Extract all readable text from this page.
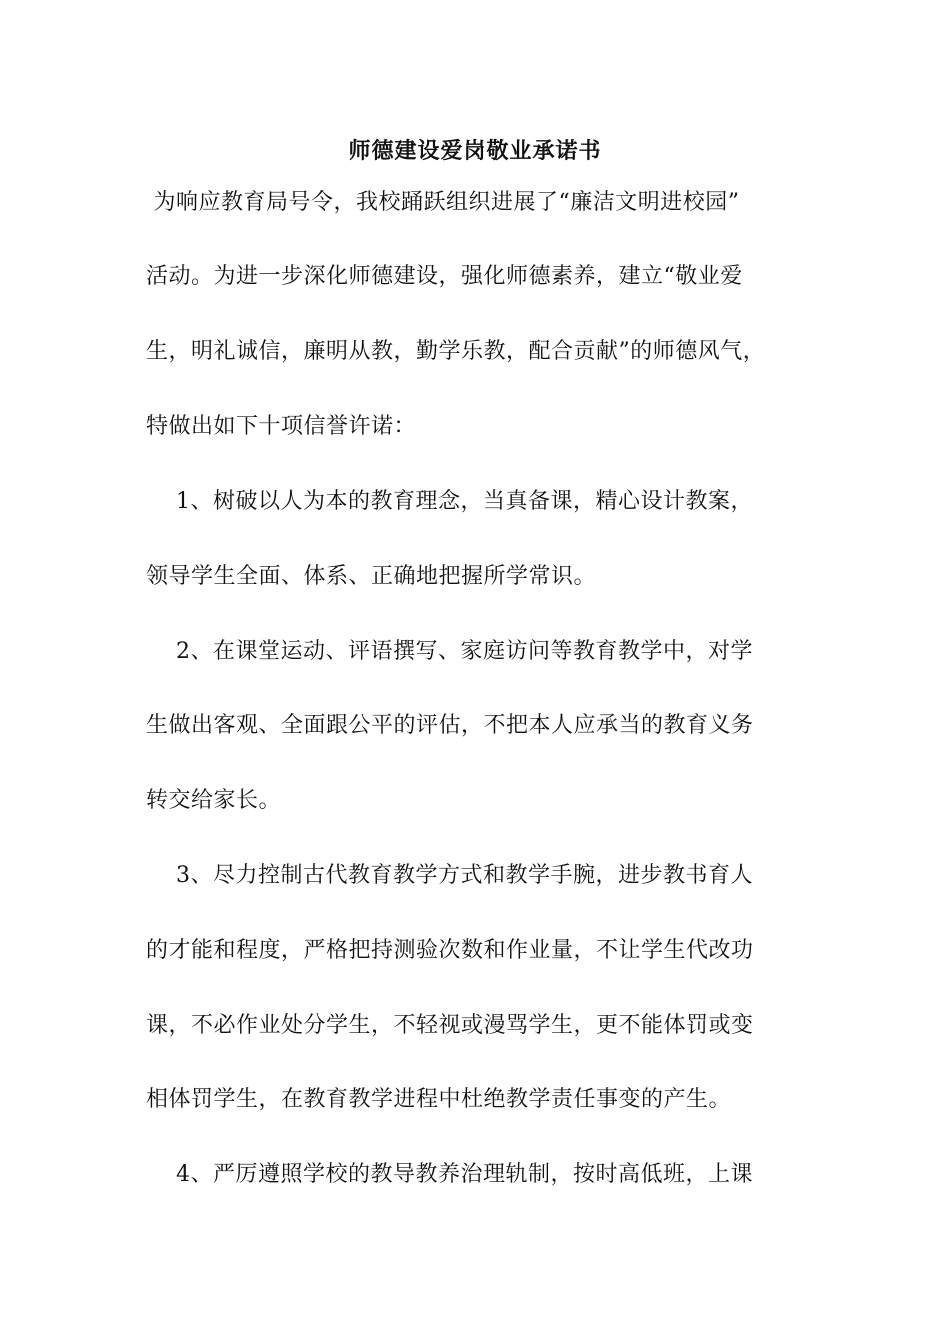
师德建设爱岗敬业承诺书
为响应教育局号令，我校踊跃组织进展了“廉洁文明进校园”
活动。为进一步深化师德建设，强化师德素养，建立“敬业爱
生，明礼诚信，廉明从教，勤学乐教，配合贡献”的师德风气，
特做出如下十项信誉许诺：
1、树破以人为本的教育理念，当真备课，精心设计教案，
领导学生全面、体系、正确地把握所学常识。
2、在课堂运动、评语撰写、家庭访问等教育教学中，对学
生做出客观、全面跟公平的评估，不把本人应承当的教育义务
转交给家长。
3、尽力控制古代教育教学方式和教学手腕，进步教书育人
的才能和程度，严格把持测验次数和作业量，不让学生代改功
课，不必作业处分学生，不轻视或漫骂学生，更不能体罚或变
相体罚学生，在教育教学进程中杜绝教学责任事变的产生。
4、严厉遵照学校的教导教养治理轨制，按时高低班，上课
